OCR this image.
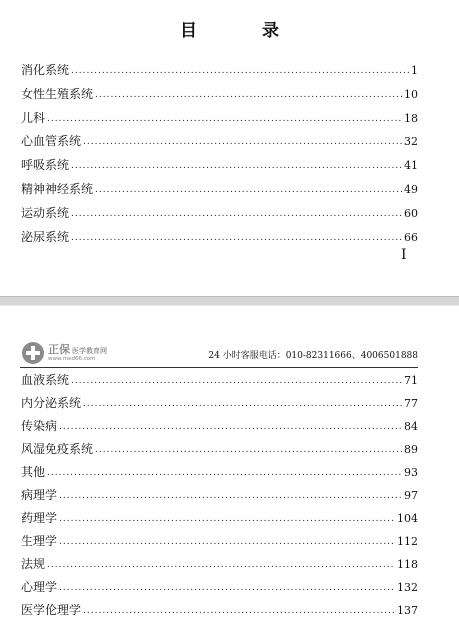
目　录
消化系统 .....	1
女性生殖系统 .....	10
儿科 .....	18
心血管系统 .....	32
呼吸系统 .....	41
精神神经系统 .....	49
运动系统 .....	60
泌尿系统 .....	66
I
正保 医学教育网
www.med66.com	24 小时客服电话：010-82311666、4006501888
血液系统 .....	71
内分泌系统 .....	77
传染病 .....	84
风湿免疫系统 .....	89
其他 .....	93
病理学 .....	97
药理学 .....	104
生理学 .....	112
法规 .....	118
心理学 .....	132
医学伦理学 .....	137
